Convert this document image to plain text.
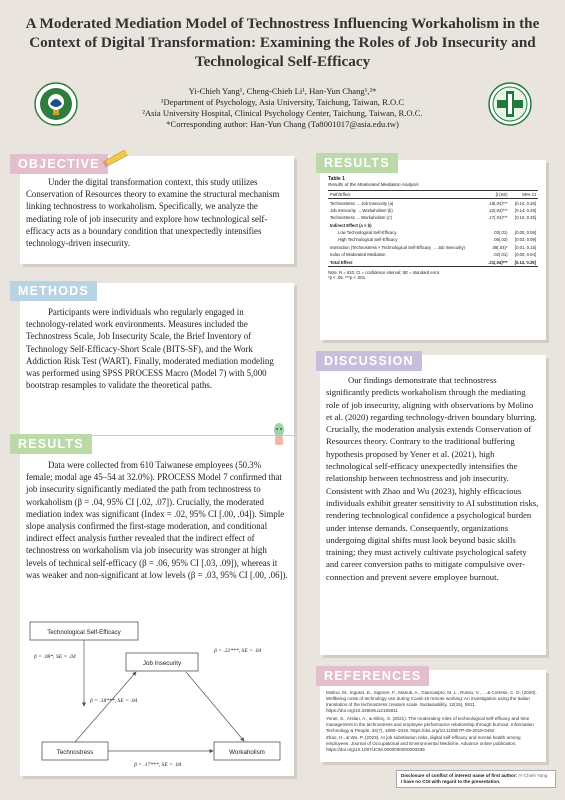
A Moderated Mediation Model of Technostress Influencing Workaholism in the Context of Digital Transformation: Examining the Roles of Job Insecurity and Technological Self-Efficacy
Yi-Chieh Yang¹, Cheng-Chieh Li¹, Han-Yun Chang¹,²*
¹Department of Psychology, Asia University, Taichung, Taiwan, R.O.C
²Asia University Hospital, Clinical Psychology Center, Taichung, Taiwan, R.O.C.
*Corresponding author: Han-Yun Chang (Ta8001017@asia.edu.tw)
OBJECTIVE

Under the digital transformation context, this study utilizes Conservation of Resources theory to examine the structural mechanism linking technostress to workaholism. Specifically, we analyze the mediating role of job insecurity and explore how technological self-efficacy acts as a boundary condition that unexpectedly intensifies technology-driven insecurity.

METHODS

Participants were individuals who regularly engaged in technology-related work environments. Measures included the Technostress Scale, Job Insecurity Scale, the Brief Inventory of Technology Self-Efficacy-Short Scale (BITS-SF), and the Work Addiction Risk Test (WART). Finally, moderated mediation modeling was performed using SPSS PROCESS Macro (Model 7) with 5,000 bootstrap resamples to validate the theoretical paths.

RESULTS

Data were collected from 610 Taiwanese employees (50.3% female; modal age 45–54 at 32.0%). PROCESS Model 7 confirmed that job insecurity significantly mediated the path from technostress to workaholism (β = .04, 95% CI [.02, .07]). Crucially, the moderated mediation index was significant (Index = .02, 95% CI [.00, .04]). Simple slope analysis confirmed the first-stage moderation, and conditional indirect effect analysis further revealed that the indirect effect of technostress on workaholism via job insecurity was stronger at high levels of technical self-efficacy (β = .06, 95% CI [.03, .09]), whereas it was weaker and non-significant at low levels (β = .03, 95% CI [.00, .06]).

Technological Self-Efficacy
Job Insecurity
Technostress	Workaholism
β = .08*, SE = .04
β = .18***, SE = .04
β = .22***, SE = .04
β = .17***, SE = .04
RESULTS
Table 1
Results of the Moderated Mediation Analysis
Path/Effect	β (SE)	95% CI
Technostress → Job Insecurity (a)	.18(.04)***	[0.10, 0.26]
Job Insecurity → Workaholism (b)	.22(.04)***	[0.14, 0.29]
Technostress → Workaholism (c')	.17(.04)***	[0.10, 0.25]
Indirect Effect (a × b)		
Low Technological Self-Efficacy	.03(.01)	[0.00, 0.06]
High Technological Self-Efficacy	.06(.02)	[0.03, 0.09]
Interaction (Technostress × Technological Self-Efficacy → Job Insecurity)	.08(.04)*	[0.01, 0.15]
Index of Moderated Mediation	.02(.01)	[0.00, 0.04]
Total Effect	.21(.04)***	[0.13, 0.29]
Note. N = 610. CI = confidence interval; SE = standard error.
*p < .05. ***p < .001.
DISCUSSION

Our findings demonstrate that technostress significantly predicts workaholism through the mediating role of job insecurity, aligning with observations by Molino et al. (2020) regarding technology-driven boundary blurring. Crucially, the moderation analysis extends Conservation of Resources theory. Contrary to the traditional buffering hypothesis proposed by Yener et al. (2021), high technological self-efficacy unexpectedly intensifies the relationship between technostress and job insecurity. Consistent with Zhao and Wu (2023), highly efficacious individuals exhibit greater sensitivity to AI substitution risks, rendering technological confidence a psychological burden under intense demands. Consequently, organizations undergoing digital shifts must look beyond basic skills training; they must actively cultivate psychological safety and career conversion paths to mitigate compulsive over-connection and prevent severe employee burnout.

REFERENCES

Molino, M., Ingusci, E., Signore, F., Manuti, A., Giancaspro, M. L., Russo, V., ... & Cortese, C. G. (2020). Wellbeing costs of technology use during Covid-19 remote working: An investigation using the Italian translation of the technostress creators scale. Sustainability, 12(15), 5911. https://doi.org/10.3390/su12155911

Yener, S., Arslan, A., & Kilinç, S. (2021). The moderating roles of technological self-efficacy and time management in the technostress and employee performance relationship through burnout. Information Technology & People, 34(7), 1890–1919. https://doi.org/10.1108/ITP-09-2019-0462

Zhao, H., & Wu, P. (2023). AI job substitution risks, digital self-efficacy and mental health among employees. Journal of Occupational and Environmental Medicine. Advance online publication. https://doi.org/10.1097/JOM.0000000000003335

Disclosure of conflict of interest name of first author: Yi-Chieh Yang
I have no COI with regard to the presentation.
